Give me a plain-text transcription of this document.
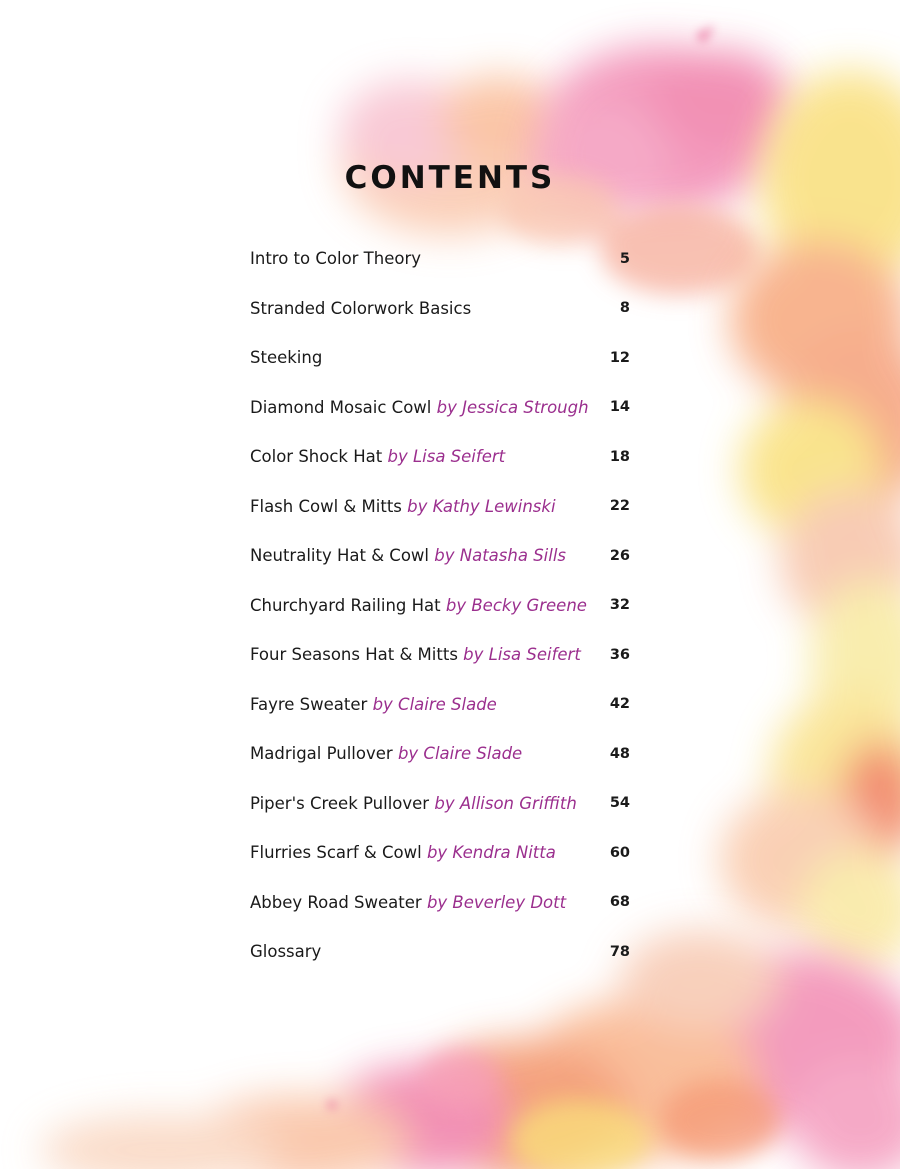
CONTENTS
Intro to Color Theory	5
Stranded Colorwork Basics	8
Steeking	12
Diamond Mosaic Cowl by Jessica Strough	14
Color Shock Hat by Lisa Seifert	18
Flash Cowl & Mitts by Kathy Lewinski	22
Neutrality Hat & Cowl by Natasha Sills	26
Churchyard Railing Hat by Becky Greene	32
Four Seasons Hat & Mitts by Lisa Seifert	36
Fayre Sweater by Claire Slade	42
Madrigal Pullover by Claire Slade	48
Piper's Creek Pullover by Allison Griffith	54
Flurries Scarf & Cowl by Kendra Nitta	60
Abbey Road Sweater by Beverley Dott	68
Glossary	78
